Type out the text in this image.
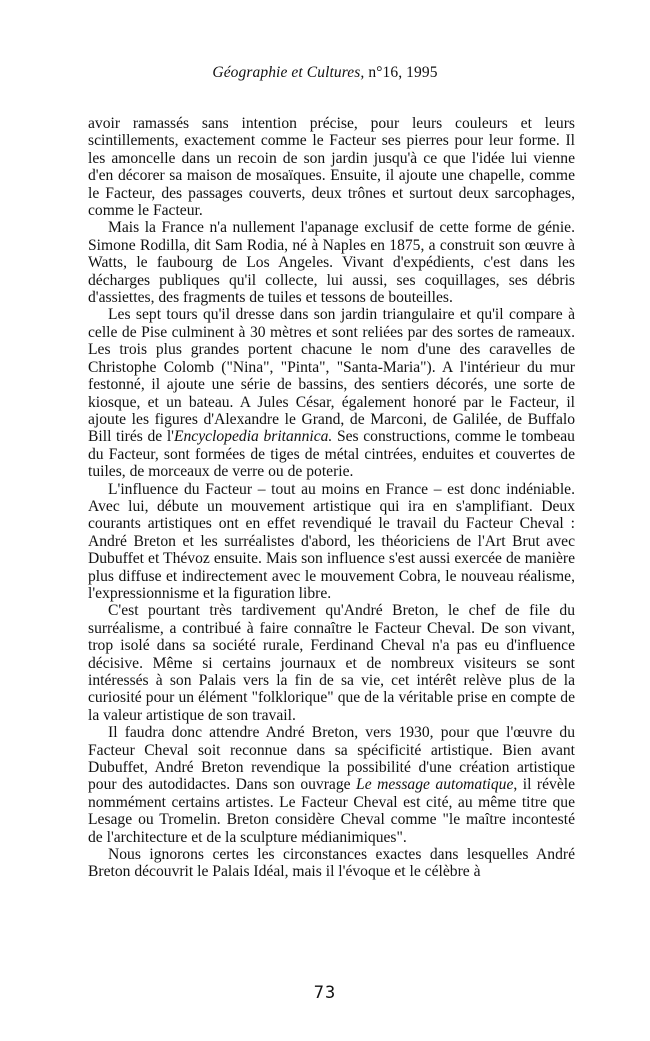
Géographie et Cultures, n°16, 1995

avoir ramassés sans intention précise, pour leurs couleurs et leurs scintillements, exactement comme le Facteur ses pierres pour leur forme. Il les amoncelle dans un recoin de son jardin jusqu'à ce que l'idée lui vienne d'en décorer sa maison de mosaïques. Ensuite, il ajoute une chapelle, comme le Facteur, des passages couverts, deux trônes et surtout deux sarcophages, comme le Facteur.

Mais la France n'a nullement l'apanage exclusif de cette forme de génie. Simone Rodilla, dit Sam Rodia, né à Naples en 1875, a construit son œuvre à Watts, le faubourg de Los Angeles. Vivant d'expédients, c'est dans les décharges publiques qu'il collecte, lui aussi, ses coquillages, ses débris d'assiettes, des fragments de tuiles et tessons de bouteilles.

Les sept tours qu'il dresse dans son jardin triangulaire et qu'il compare à celle de Pise culminent à 30 mètres et sont reliées par des sortes de rameaux. Les trois plus grandes portent chacune le nom d'une des caravelles de Christophe Colomb ("Nina", "Pinta", "Santa-Maria"). A l'intérieur du mur festonné, il ajoute une série de bassins, des sentiers décorés, une sorte de kiosque, et un bateau. A Jules César, également honoré par le Facteur, il ajoute les figures d'Alexandre le Grand, de Marconi, de Galilée, de Buffalo Bill tirés de l'Encyclopedia britannica. Ses constructions, comme le tombeau du Facteur, sont formées de tiges de métal cintrées, enduites et couvertes de tuiles, de morceaux de verre ou de poterie.

L'influence du Facteur – tout au moins en France – est donc indéniable. Avec lui, débute un mouvement artistique qui ira en s'amplifiant. Deux courants artistiques ont en effet revendiqué le travail du Facteur Cheval : André Breton et les surréalistes d'abord, les théoriciens de l'Art Brut avec Dubuffet et Thévoz ensuite. Mais son influence s'est aussi exercée de manière plus diffuse et indirectement avec le mouvement Cobra, le nouveau réalisme, l'expressionnisme et la figuration libre.

C'est pourtant très tardivement qu'André Breton, le chef de file du surréalisme, a contribué à faire connaître le Facteur Cheval. De son vivant, trop isolé dans sa société rurale, Ferdinand Cheval n'a pas eu d'influence décisive. Même si certains journaux et de nombreux visiteurs se sont intéressés à son Palais vers la fin de sa vie, cet intérêt relève plus de la curiosité pour un élément "folklorique" que de la véritable prise en compte de la valeur artistique de son travail.

Il faudra donc attendre André Breton, vers 1930, pour que l'œuvre du Facteur Cheval soit reconnue dans sa spécificité artistique. Bien avant Dubuffet, André Breton revendique la possibilité d'une création artistique pour des autodidactes. Dans son ouvrage Le message automatique, il révèle nommément certains artistes. Le Facteur Cheval est cité, au même titre que Lesage ou Tromelin. Breton considère Cheval comme "le maître incontesté de l'architecture et de la sculpture médianimiques".

Nous ignorons certes les circonstances exactes dans lesquelles André Breton découvrit le Palais Idéal, mais il l'évoque et le célèbre à

73
